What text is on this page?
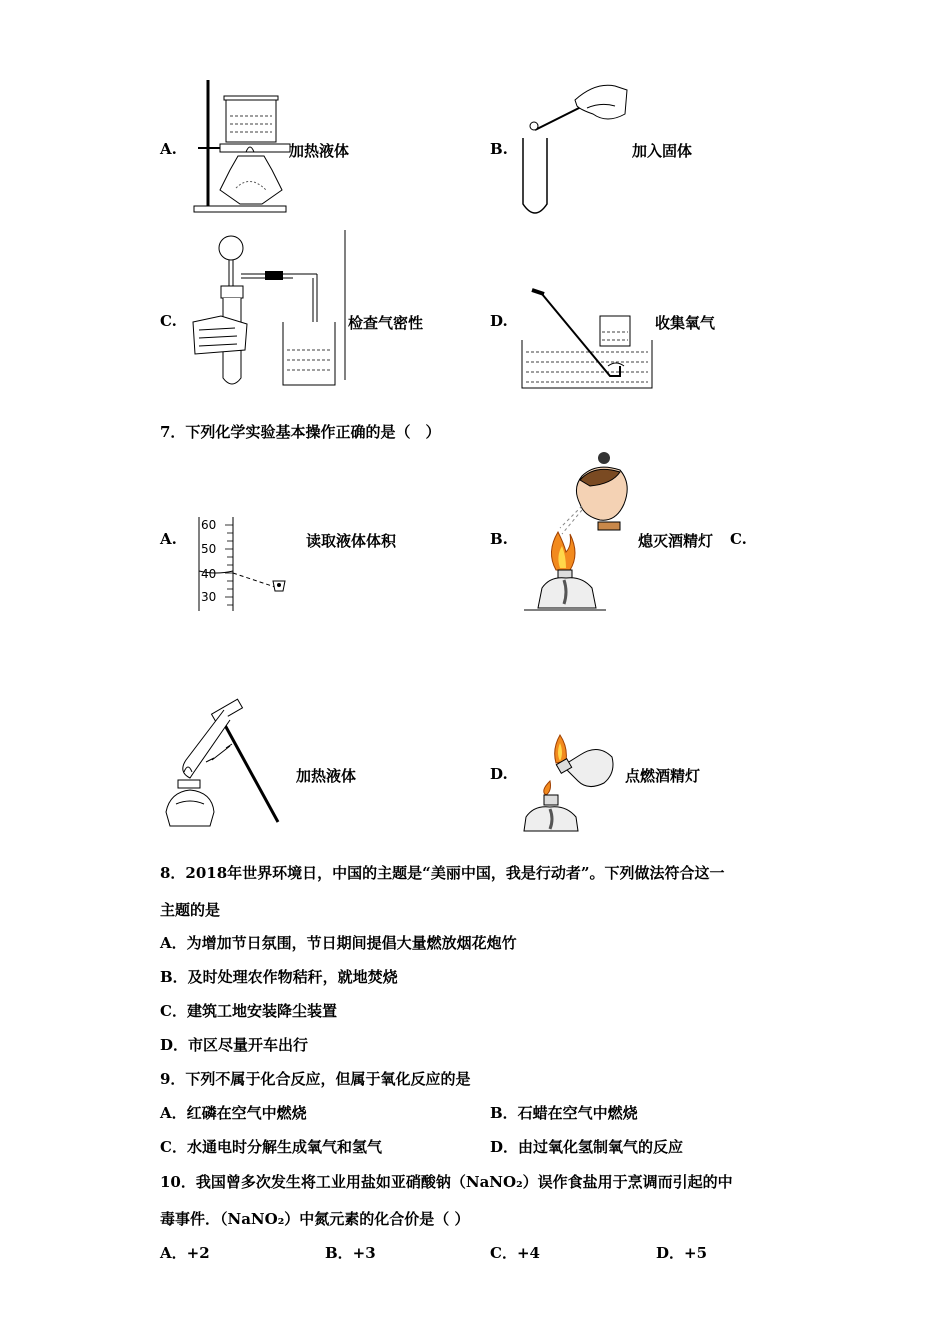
A.	加热液体	B.	加入固体
C.	检查气密性	D.	收集氧气
7．下列化学实验基本操作正确的是（　）
A.
60
50
40
30
读取液体体积	B.	熄灭酒精灯 C.
加热液体	D.	点燃酒精灯
8．2018年世界环境日，中国的主题是“美丽中国，我是行动者”。下列做法符合这一
主题的是
A．为增加节日氛围，节日期间提倡大量燃放烟花炮竹
B．及时处理农作物秸秆，就地焚烧
C．建筑工地安装降尘装置
D．市区尽量开车出行
9．下列不属于化合反应，但属于氧化反应的是
A．红磷在空气中燃烧	B．石蜡在空气中燃烧
C．水通电时分解生成氧气和氢气	D．由过氧化氢制氧气的反应
10．我国曾多次发生将工业用盐如亚硝酸钠（NaNO₂）误作食盐用于烹调而引起的中
毒事件．（NaNO₂）中氮元素的化合价是（ ）
A．+2	B．+3	C．+4	D．+5
